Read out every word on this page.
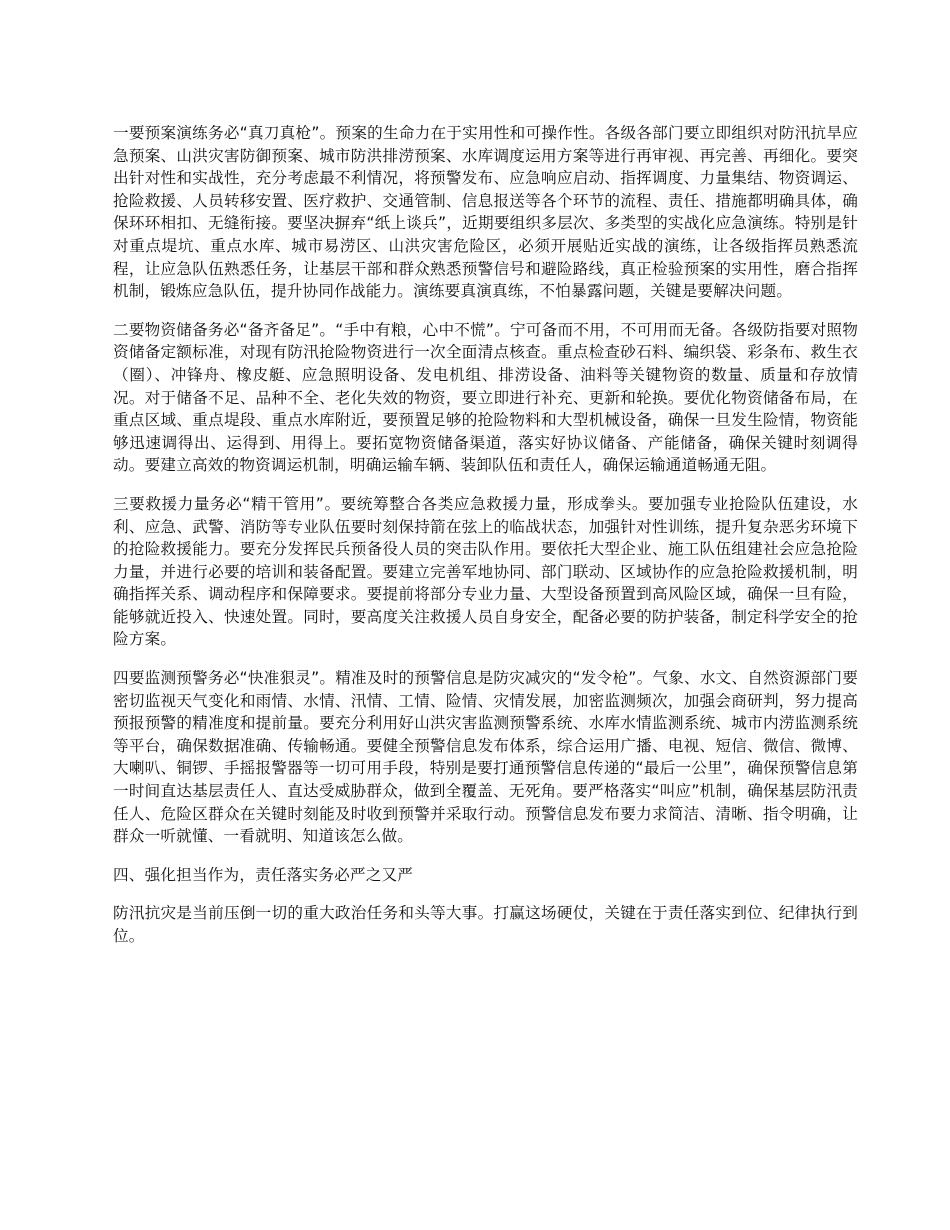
一要预案演练务必“真刀真枪”。预案的生命力在于实用性和可操作性。各级各部门要立即组织对防汛抗旱应急预案、山洪灾害防御预案、城市防洪排涝预案、水库调度运用方案等进行再审视、再完善、再细化。要突出针对性和实战性，充分考虑最不利情况，将预警发布、应急响应启动、指挥调度、力量集结、物资调运、抢险救援、人员转移安置、医疗救护、交通管制、信息报送等各个环节的流程、责任、措施都明确具体，确保环环相扣、无缝衔接。要坚决摒弃“纸上谈兵”，近期要组织多层次、多类型的实战化应急演练。特别是针对重点堤坑、重点水库、城市易涝区、山洪灾害危险区，必须开展贴近实战的演练，让各级指挥员熟悉流程，让应急队伍熟悉任务，让基层干部和群众熟悉预警信号和避险路线，真正检验预案的实用性，磨合指挥机制，锻炼应急队伍，提升协同作战能力。演练要真演真练，不怕暴露问题，关键是要解决问题。

二要物资储备务必“备齐备足”。“手中有粮，心中不慌”。宁可备而不用，不可用而无备。各级防指要对照物资储备定额标准，对现有防汛抢险物资进行一次全面清点核查。重点检查砂石料、编织袋、彩条布、救生衣（圈）、冲锋舟、橡皮艇、应急照明设备、发电机组、排涝设备、油料等关键物资的数量、质量和存放情况。对于储备不足、品种不全、老化失效的物资，要立即进行补充、更新和轮换。要优化物资储备布局，在重点区域、重点堤段、重点水库附近，要预置足够的抢险物料和大型机械设备，确保一旦发生险情，物资能够迅速调得出、运得到、用得上。要拓宽物资储备渠道，落实好协议储备、产能储备，确保关键时刻调得动。要建立高效的物资调运机制，明确运输车辆、装卸队伍和责任人，确保运输通道畅通无阻。

三要救援力量务必“精干管用”。要统筹整合各类应急救援力量，形成拳头。要加强专业抢险队伍建设，水利、应急、武警、消防等专业队伍要时刻保持箭在弦上的临战状态，加强针对性训练，提升复杂恶劣环境下的抢险救援能力。要充分发挥民兵预备役人员的突击队作用。要依托大型企业、施工队伍组建社会应急抢险力量，并进行必要的培训和装备配置。要建立完善军地协同、部门联动、区域协作的应急抢险救援机制，明确指挥关系、调动程序和保障要求。要提前将部分专业力量、大型设备预置到高风险区域，确保一旦有险，能够就近投入、快速处置。同时，要高度关注救援人员自身安全，配备必要的防护装备，制定科学安全的抢险方案。

四要监测预警务必“快准狠灵”。精准及时的预警信息是防灾减灾的“发令枪”。气象、水文、自然资源部门要密切监视天气变化和雨情、水情、汛情、工情、险情、灾情发展，加密监测频次，加强会商研判，努力提高预报预警的精准度和提前量。要充分利用好山洪灾害监测预警系统、水库水情监测系统、城市内涝监测系统等平台，确保数据准确、传输畅通。要健全预警信息发布体系，综合运用广播、电视、短信、微信、微博、大喇叭、铜锣、手摇报警器等一切可用手段，特别是要打通预警信息传递的“最后一公里”，确保预警信息第一时间直达基层责任人、直达受威胁群众，做到全覆盖、无死角。要严格落实“叫应”机制，确保基层防汛责任人、危险区群众在关键时刻能及时收到预警并采取行动。预警信息发布要力求简洁、清晰、指令明确，让群众一听就懂、一看就明、知道该怎么做。

四、强化担当作为，责任落实务必严之又严

防汛抗灾是当前压倒一切的重大政治任务和头等大事。打赢这场硬仗，关键在于责任落实到位、纪律执行到位。
